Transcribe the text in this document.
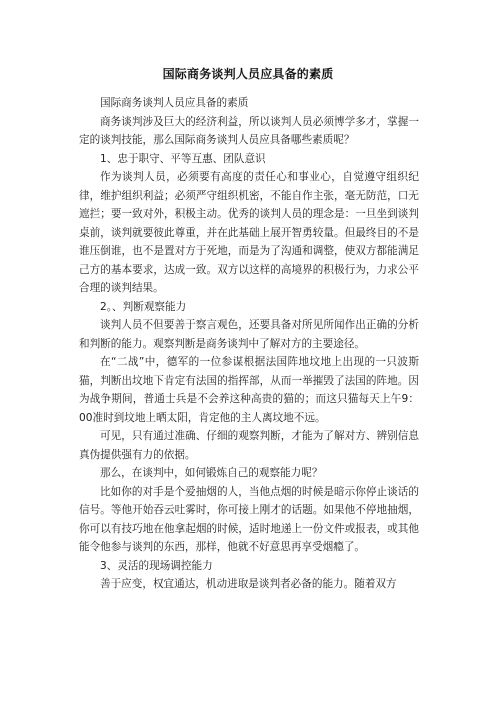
国际商务谈判人员应具备的素质

国际商务谈判人员应具备的素质

商务谈判涉及巨大的经济利益，所以谈判人员必须博学多才，掌握一定的谈判技能，那么国际商务谈判人员应具备哪些素质呢？

1、忠于职守、平等互惠、团队意识

作为谈判人员，必须要有高度的责任心和事业心，自觉遵守组织纪律，维护组织利益；必须严守组织机密，不能自作主张，毫无防范，口无遮拦；要一致对外，积极主动。优秀的谈判人员的理念是：一旦坐到谈判桌前，谈判就要彼此尊重，并在此基础上展开智勇较量。但最终目的不是谁压倒谁，也不是置对方于死地，而是为了沟通和调整，使双方都能满足己方的基本要求，达成一致。双方以这样的高境界的积极行为，力求公平合理的谈判结果。

2。、判断观察能力

谈判人员不但要善于察言观色，还要具备对所见所闻作出正确的分析和判断的能力。观察判断是商务谈判中了解对方的主要途径。

在“二战”中，德军的一位参谋根据法国阵地坟地上出现的一只波斯猫，判断出坟地下肯定有法国的指挥部，从而一举摧毁了法国的阵地。因为战争期间，普通士兵是不会养这种高贵的猫的；而这只猫每天上午9：00准时到坟地上晒太阳，肯定他的主人离坟地不远。

可见，只有通过准确、仔细的观察判断，才能为了解对方、辨别信息真伪提供强有力的依据。

那么，在谈判中，如何锻炼自己的观察能力呢？

比如你的对手是个爱抽烟的人，当他点烟的时候是暗示你停止谈话的信号。等他开始吞云吐雾时，你可接上刚才的话题。如果他不停地抽烟，你可以有技巧地在他拿起烟的时候，适时地递上一份文件或报表，或其他能令他参与谈判的东西，那样，他就不好意思再享受烟瘾了。

3、灵活的现场调控能力

善于应变，权宜通达，机动进取是谈判者必备的能力。随着双方
